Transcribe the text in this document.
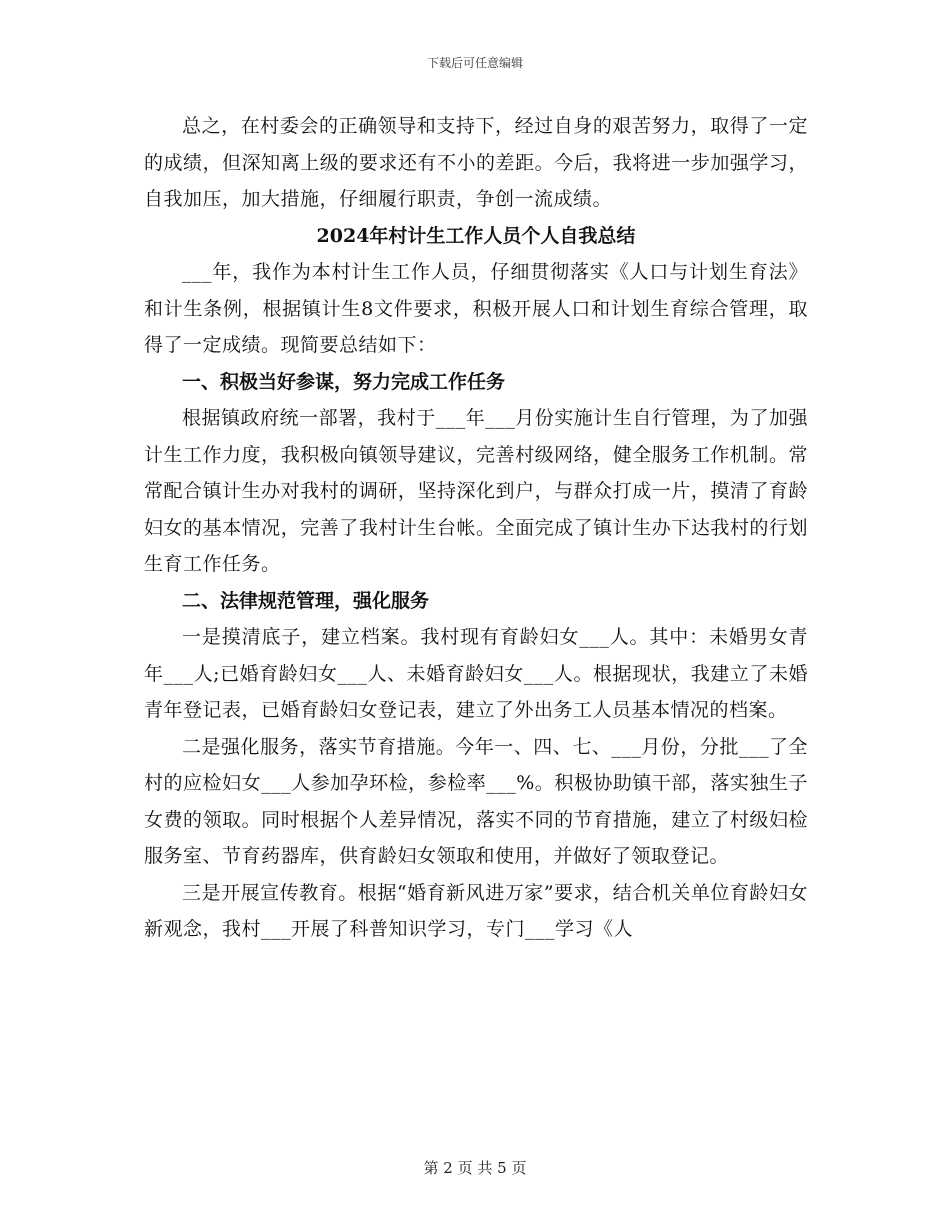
下载后可任意编辑

总之，在村委会的正确领导和支持下，经过自身的艰苦努力，取得了一定的成绩，但深知离上级的要求还有不小的差距。今后，我将进一步加强学习，自我加压，加大措施，仔细履行职责，争创一流成绩。

2024年村计生工作人员个人自我总结

___年，我作为本村计生工作人员，仔细贯彻落实《人口与计划生育法》和计生条例，根据镇计生8文件要求，积极开展人口和计划生育综合管理，取得了一定成绩。现简要总结如下：

一、积极当好参谋，努力完成工作任务

根据镇政府统一部署，我村于___年___月份实施计生自行管理，为了加强计生工作力度，我积极向镇领导建议，完善村级网络，健全服务工作机制。常常配合镇计生办对我村的调研，坚持深化到户，与群众打成一片，摸清了育龄妇女的基本情况，完善了我村计生台帐。全面完成了镇计生办下达我村的行划生育工作任务。

二、法律规范管理，强化服务

一是摸清底子，建立档案。我村现有育龄妇女___人。其中：未婚男女青年___人;已婚育龄妇女___人、未婚育龄妇女___人。根据现状，我建立了未婚青年登记表，已婚育龄妇女登记表，建立了外出务工人员基本情况的档案。

二是强化服务，落实节育措施。今年一、四、七、___月份，分批___了全村的应检妇女___人参加孕环检，参检率___%。积极协助镇干部，落实独生子女费的领取。同时根据个人差异情况，落实不同的节育措施，建立了村级妇检服务室、节育药器库，供育龄妇女领取和使用，并做好了领取登记。

三是开展宣传教育。根据“婚育新风进万家”要求，结合机关单位育龄妇女新观念，我村___开展了科普知识学习，专门___学习《人

第 2 页 共 5 页
